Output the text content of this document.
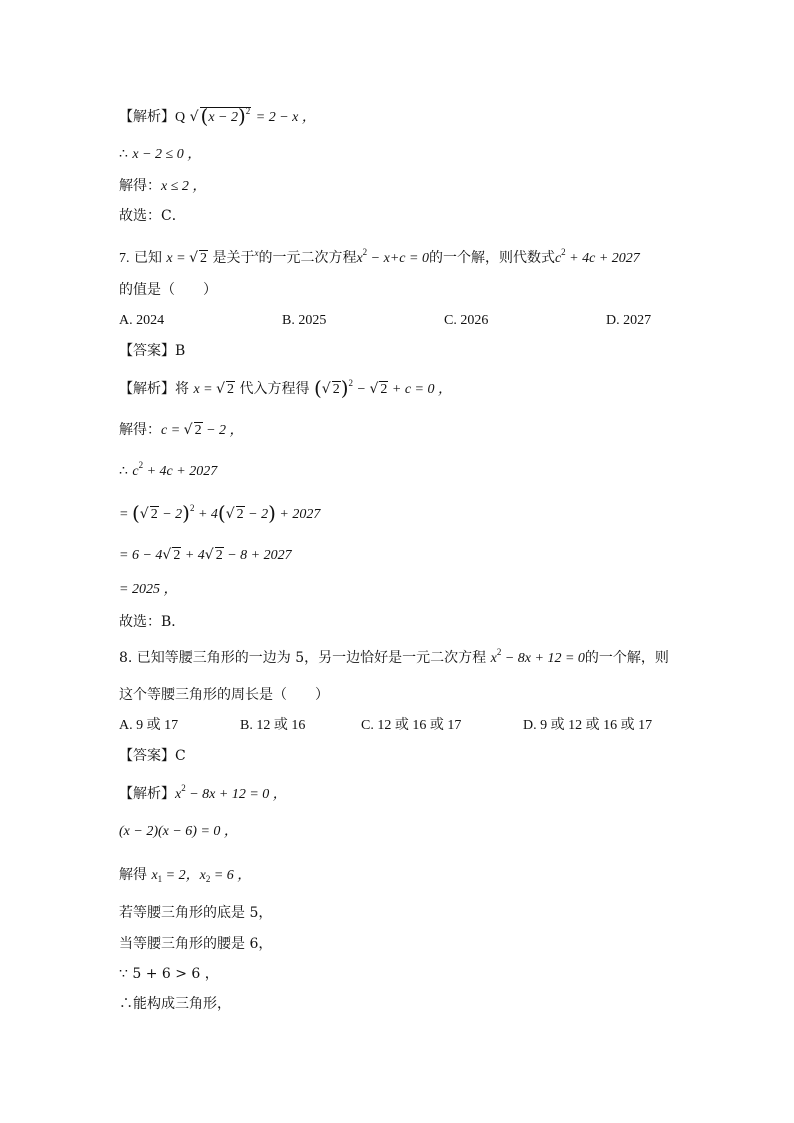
【解析】Q √ $(x - 2)^2 = 2 - x$ ，
∴ x − 2 ≤ 0 ，
解得：x ≤ 2 ，
故选：C．
7. 已知 x = √ 2 是关于$^x$的一元二次方程$x^2 - x+c = 0$的一个解，则代数式$c^2 + 4c + 2027$
的值是（　　）
A. 2024	B. 2025	C. 2026	D. 2027
【答案】B
【解析】将 x = √ 2 代入方程得 (√ 2)$^2$ − √ 2 + c = 0 ，
解得：c = √ 2 − 2 ，
∴ $c^2 + 4c + 2027$
= (√ 2 − 2)$^2$ + 4(√ 2 − 2) + 2027
= 6 − 4√ 2 + 4√ 2 − 8 + 2027
= 2025 ，
故选：B．
8. 已知等腰三角形的一边为 5，另一边恰好是一元二次方程 $x^2 - 8x + 12 = 0$的一个解，则
这个等腰三角形的周长是（　　）
A. 9 或 17	B. 12 或 16	C. 12 或 16 或 17	D. 9 或 12 或 16 或 17
【答案】C
【解析】$x^2 - 8x + 12 = 0$ ，
(x − 2)(x − 6) = 0 ，
解得 $x_1 = 2$，$x_2 = 6$ ，
若等腰三角形的底是 5，
当等腰三角形的腰是 6，
∵ 5 + 6 > 6 ，
∴能构成三角形，
